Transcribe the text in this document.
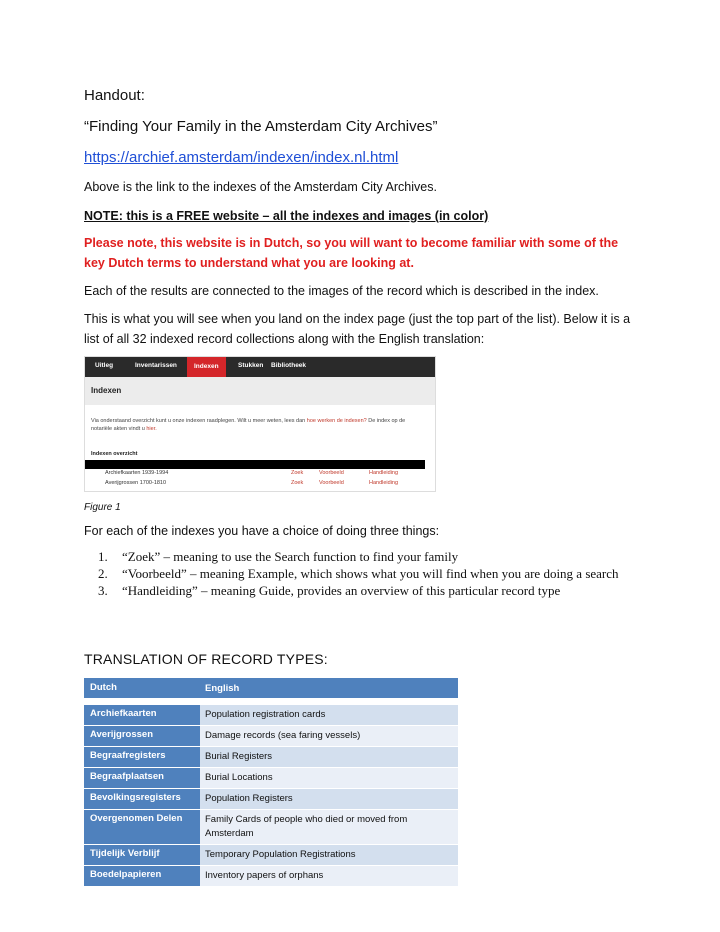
Handout:
“Finding Your Family in the Amsterdam City Archives”
https://archief.amsterdam/indexen/index.nl.html
Above is the link to the indexes of the Amsterdam City Archives.
NOTE: this is a FREE website – all the indexes and images (in color)
Please note, this website is in Dutch, so you will want to become familiar with some of the key Dutch terms to understand what you are looking at.
Each of the results are connected to the images of the record which is described in the index.
This is what you will see when you land on the index page (just the top part of the list). Below it is a list of all 32 indexed record collections along with the English translation:
Uitleg	Inventarissen	Indexen	Stukken Bibliotheek
Indexen
Via onderstaand overzicht kunt u onze indexen raadplegen. Wilt u meer weten, lees dan hoe werken de indexen? De index op de notariële akten vindt u hier.
Indexen overzicht
Archiefkaarten 1939-1994	Zoek	Voorbeeld	Handleiding
Averijgrossen 1700-1810	Zoek	Voorbeeld	Handleiding
Figure 1
For each of the indexes you have a choice of doing three things:
1. “Zoek” – meaning to use the Search function to find your family
2. “Voorbeeld” – meaning Example, which shows what you will find when you are doing a search
3. “Handleiding” – meaning Guide, provides an overview of this particular record type
TRANSLATION OF RECORD TYPES:
Dutch	English
Archiefkaarten	Population registration cards
Averijgrossen	Damage records (sea faring vessels)
Begraafregisters	Burial Registers
Begraafplaatsen	Burial Locations
Bevolkingsregisters	Population Registers
Overgenomen Delen	Family Cards of people who died or moved from Amsterdam
Tijdelijk Verblijf	Temporary Population Registrations
Boedelpapieren	Inventory papers of orphans
